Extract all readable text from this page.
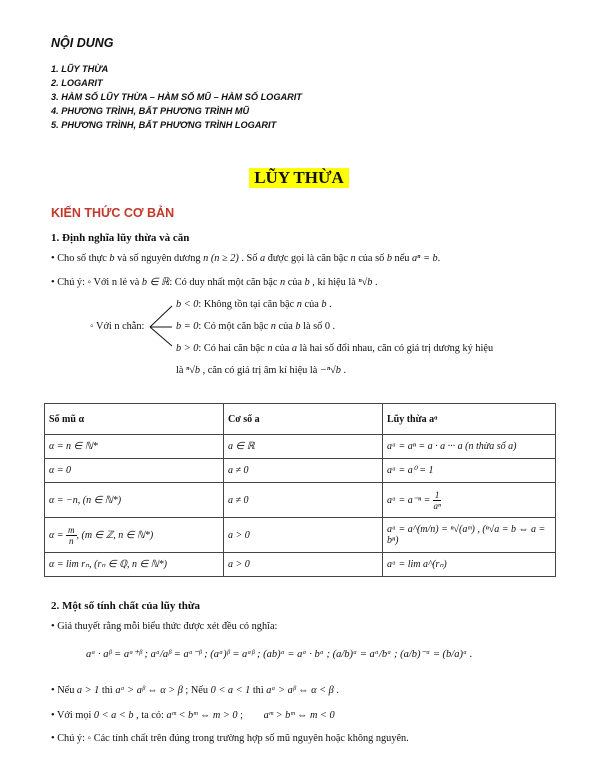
NỘI DUNG
1. LŨY THỪA
2. LOGARIT
3. HÀM SỐ LŨY THỪA – HÀM SỐ MŨ – HÀM SỐ LOGARIT
4. PHƯƠNG TRÌNH, BẤT PHƯƠNG TRÌNH MŨ
5. PHƯƠNG TRÌNH, BẤT PHƯƠNG TRÌNH LOGARIT
LŨY THỪA
KIẾN THỨC CƠ BẢN
1. Định nghĩa lũy thừa và căn
• Cho số thực b và số nguyên dương n (n ≥ 2) . Số a được gọi là căn bậc n của số b nếu aⁿ = b.
• Chú ý: ◦ Với n lẻ và b ∈ ℝ: Có duy nhất một căn bậc n của b , kí hiệu là ⁿ√b .
◦ Với n chẵn:
b < 0: Không tồn tại căn bậc n của b .
b = 0: Có một căn bậc n của b là số 0 .
b > 0: Có hai căn bậc n của a là hai số đối nhau, căn có giá trị dương ký hiệu
là ⁿ√b , căn có giá trị âm kí hiệu là −ⁿ√b .
Số mũ α	Cơ số a	Lũy thừa aᵅ
α = n ∈ ℕ*	a ∈ ℝ	aᵅ = aⁿ = a · a ··· a (n thừa số a)
α = 0	a ≠ 0	aᵅ = a⁰ = 1
α = −n, (n ∈ ℕ*)	a ≠ 0	aᵅ = $a^{-n} = \frac{1}{\text{aⁿ}}$

$\alpha = \frac{m}{n}$ , (m ∈ ℤ, n ∈ ℕ*)	a > 0	aᵅ = a^(m/n) = ⁿ√(aᵐ) , (ⁿ√a = b ⇔ a = bⁿ)
α = lim rₙ, (rₙ ∈ ℚ, n ∈ ℕ*)	a > 0	aᵅ = lim a^(rₙ)
2. Một số tính chất của lũy thừa
• Giả thuyết rằng mỗi biểu thức được xét đều có nghĩa:
aᵅ · aᵝ = aᵅ⁺ᵝ ; aᵅ/aᵝ = aᵅ⁻ᵝ ; (aᵅ)ᵝ = aᵅᵝ ; (ab)ᵅ = aᵅ · bᵅ ; (a/b)ᵅ = aᵅ/bᵅ ; (a/b)⁻ᵅ = (b/a)ᵅ .
• Nếu a > 1 thì aᵅ > aᵝ ⇔ α > β ; Nếu 0 < a < 1 thì aᵅ > aᵝ ⇔ α < β .
• Với mọi 0 < a < b , ta có: aᵐ < bᵐ ⇔ m > 0 ;        aᵐ > bᵐ ⇔ m < 0
• Chú ý: ◦ Các tính chất trên đúng trong trường hợp số mũ nguyên hoặc không nguyên.
